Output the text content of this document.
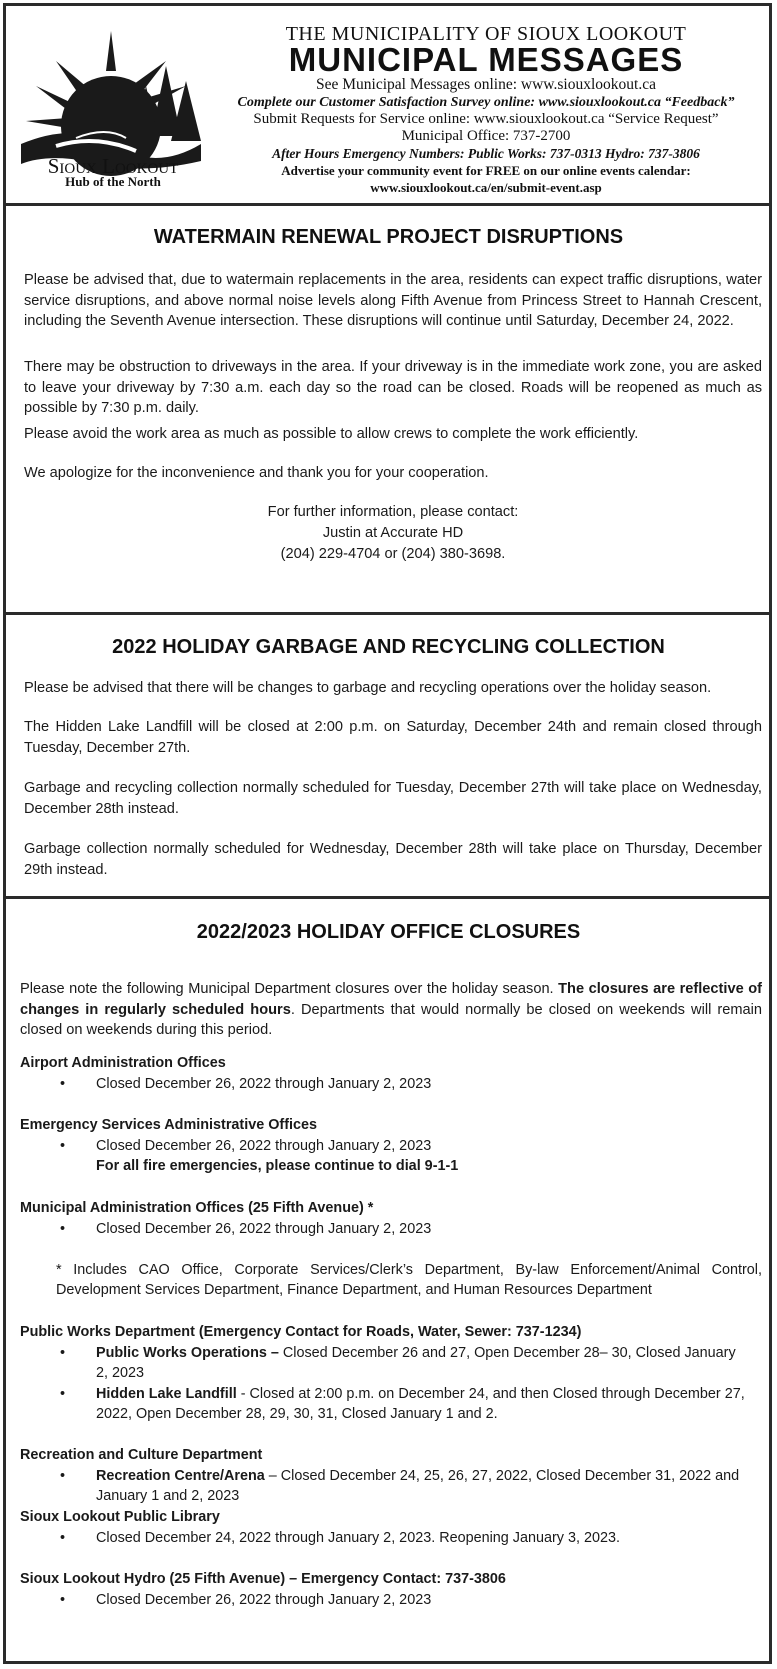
Sioux Lookout
Hub of the North
THE MUNICIPALITY OF SIOUX LOOKOUT
MUNICIPAL MESSAGES
See Municipal Messages online: www.siouxlookout.ca
Complete our Customer Satisfaction Survey online: www.siouxlookout.ca “Feedback”
Submit Requests for Service online: www.siouxlookout.ca “Service Request”
Municipal Office: 737-2700
After Hours Emergency Numbers: Public Works: 737-0313 Hydro: 737-3806
Advertise your community event for FREE on our online events calendar:
www.siouxlookout.ca/en/submit-event.asp
WATERMAIN RENEWAL PROJECT DISRUPTIONS

Please be advised that, due to watermain replacements in the area, residents can expect traffic disruptions, water service disruptions, and above normal noise levels along Fifth Avenue from Princess Street to Hannah Crescent, including the Seventh Avenue intersection. These disruptions will continue until Saturday, December 24, 2022.

There may be obstruction to driveways in the area. If your driveway is in the immediate work zone, you are asked to leave your driveway by 7:30 a.m. each day so the road can be closed. Roads will be reopened as much as possible by 7:30 p.m. daily.

Please avoid the work area as much as possible to allow crews to complete the work efficiently.

We apologize for the inconvenience and thank you for your cooperation.

For further information, please contact:

Justin at Accurate HD

(204) 229-4704 or (204) 380-3698.

2022 HOLIDAY GARBAGE AND RECYCLING COLLECTION

Please be advised that there will be changes to garbage and recycling operations over the holiday season.

The Hidden Lake Landfill will be closed at 2:00 p.m. on Saturday, December 24th and remain closed through Tuesday, December 27th.

Garbage and recycling collection normally scheduled for Tuesday, December 27th will take place on Wednesday, December 28th instead.

Garbage collection normally scheduled for Wednesday, December 28th will take place on Thursday, December 29th instead.

2022/2023 HOLIDAY OFFICE CLOSURES

Please note the following Municipal Department closures over the holiday season. The closures are reflective of changes in regularly scheduled hours. Departments that would normally be closed on weekends will remain closed on weekends during this period.

Airport Administration Offices
•	Closed December 26, 2022 through January 2, 2023
Emergency Services Administrative Offices
•	Closed December 26, 2022 through January 2, 2023
For all fire emergencies, please continue to dial 9-1-1
Municipal Administration Offices (25 Fifth Avenue) *
•	Closed December 26, 2022 through January 2, 2023
* Includes CAO Office, Corporate Services/Clerk’s Department, By-law Enforcement/Animal Control, Development Services Department, Finance Department, and Human Resources Department
Public Works Department (Emergency Contact for Roads, Water, Sewer: 737-1234)
•	Public Works Operations – Closed December 26 and 27, Open December 28– 30, Closed January 2, 2023
•	Hidden Lake Landfill - Closed at 2:00 p.m. on December 24, and then Closed through December 27, 2022, Open December 28, 29, 30, 31, Closed January 1 and 2.
Recreation and Culture Department
•	Recreation Centre/Arena – Closed December 24, 25, 26, 27, 2022, Closed December 31, 2022 and January 1 and 2, 2023
Sioux Lookout Public Library
•	Closed December 24, 2022 through January 2, 2023. Reopening January 3, 2023.
Sioux Lookout Hydro (25 Fifth Avenue) – Emergency Contact: 737-3806
•	Closed December 26, 2022 through January 2, 2023
